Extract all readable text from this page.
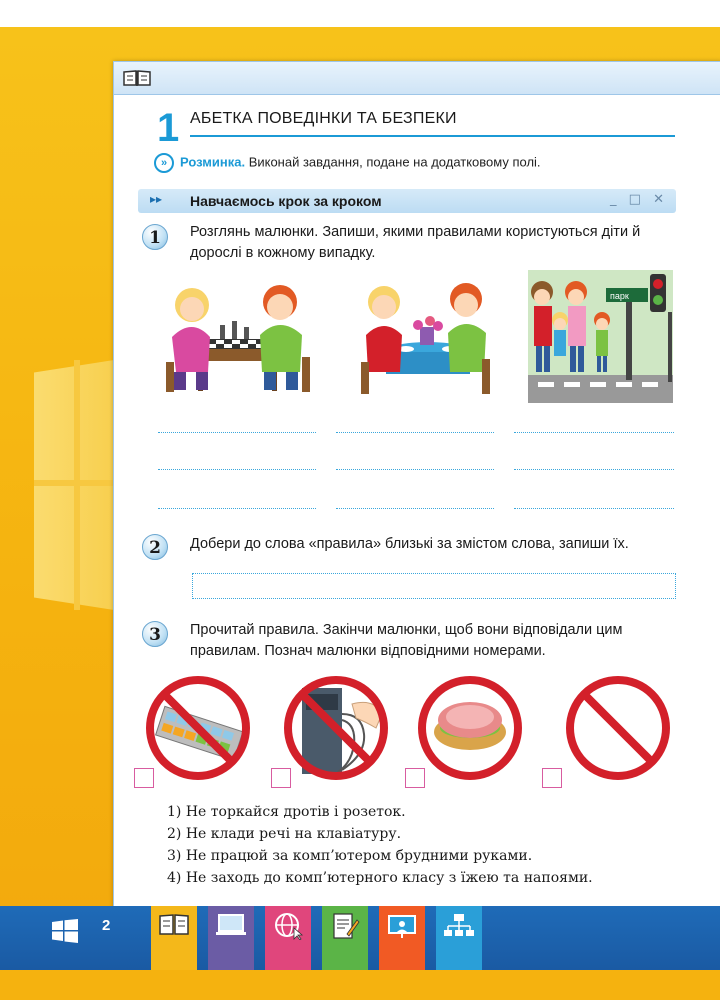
1 АБЕТКА ПОВЕДІНКИ ТА БЕЗПЕКИ
» Розминка. Виконай завдання, подане на додатковому полі.
▸▸ Навчаємось крок за кроком	_ □ ✕
1	Розглянь малюнки. Запиши, якими правилами користуються діти й дорослі в кожному випадку.
парк
2	Добери до слова «правила» близькі за змістом слова, запиши їх.
3	Прочитай правила. Закінчи малюнки, щоб вони відповідали цим правилам. Познач малюнки відповідними номерами.
1) Не торкайся дротів і розеток.
2) Не клади речі на клавіатуру.
3) Не працюй за комп’ютером брудними руками.
4) Не заходь до комп’ютерного класу з їжею та напоями.
2
